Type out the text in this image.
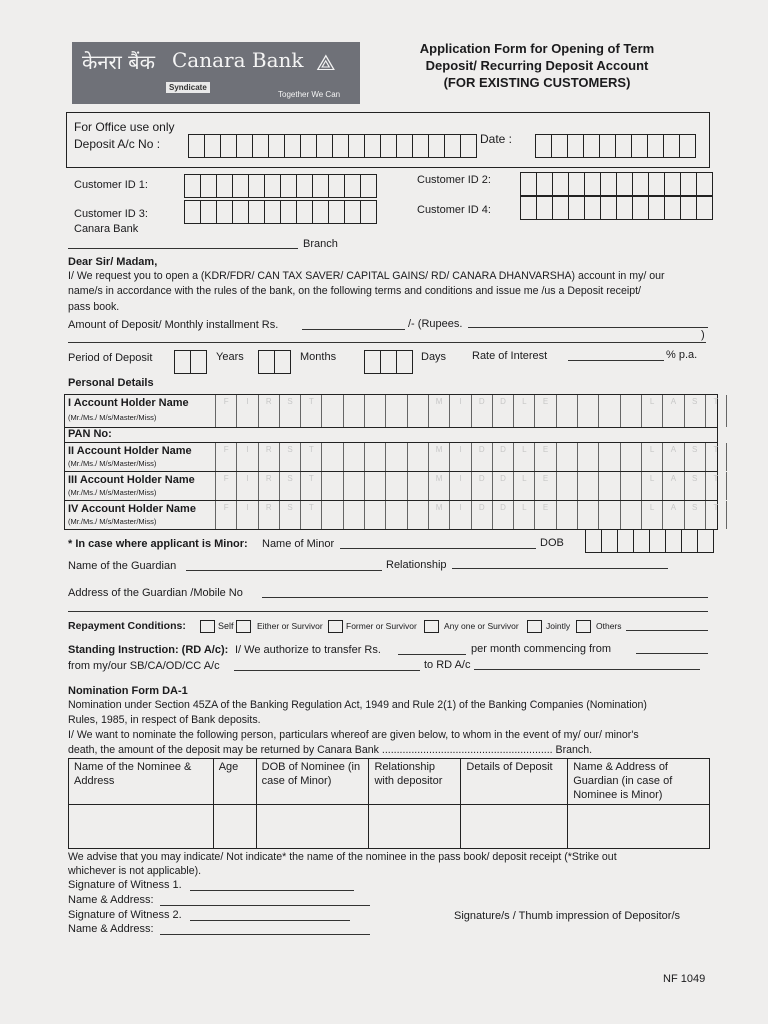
केनरा बैंक Canara Bank ⟁
Syndicate
Together We Can
Application Form for Opening of Term
Deposit/ Recurring Deposit Account
(FOR EXISTING CUSTOMERS)
For Office use only
Deposit A/c No :	Date :
Customer ID 1:	Customer ID 2:
Customer ID 3:	Customer ID 4:
Canara Bank
Branch
Dear Sir/ Madam,
I/ We request you to open a (KDR/FDR/ CAN TAX SAVER/ CAPITAL GAINS/ RD/ CANARA DHANVARSHA) account in my/ our
name/s in accordance with the rules of the bank, on the following terms and conditions and issue me /us a Deposit receipt/
pass book.
Amount of Deposit/ Monthly installment Rs.	/- (Rupees.
)
Period of Deposit	Years	Months	Days Rate of Interest	% p.a.
Personal Details
I Account Holder Name
(Mr./Ms./ M/s/Master/Miss)
F	I	R	S	T	M	I	D	D	L	E	L	A	S	T
PAN No:
II Account Holder Name
(Mr./Ms./ M/s/Master/Miss)
F	I	R	S	T	M	I	D	D	L	E	L	A	S	T
III Account Holder Name
(Mr./Ms./ M/s/Master/Miss)
F	I	R	S	T	M	I	D	D	L	E	L	A	S	T
IV Account Holder Name
(Mr./Ms./ M/s/Master/Miss)
F	I	R	S	T	M	I	D	D	L	E	L	A	S	T
* In case where applicant is Minor: Name of Minor	DOB
Name of the Guardian	Relationship
Address of the Guardian /Mobile No
Repayment Conditions:	Self	Either or Survivor	Former or Survivor	Any one or Survivor	Jointly	Others
Standing Instruction: (RD A/c): I/ We authorize to transfer Rs.	per month commencing from
from my/our SB/CA/OD/CC A/c	to RD A/c
Nomination Form DA-1
Nomination under Section 45ZA of the Banking Regulation Act, 1949 and Rule 2(1) of the Banking Companies (Nomination)
Rules, 1985, in respect of Bank deposits.
I/ We want to nominate the following person, particulars whereof are given below, to whom in the event of my/ our/ minor's
death, the amount of the deposit may be returned by Canara Bank .......................................................... Branch.
Name of the Nominee & Address	Age	DOB of Nominee (in case of Minor)	Relationship with depositor	Details of Deposit	Name & Address of Guardian (in case of Nominee is Minor)

We advise that you may indicate/ Not indicate* the name of the nominee in the pass book/ deposit receipt (*Strike out
whichever is not applicable).
Signature of Witness 1.
Name & Address:
Signature of Witness 2.
Name & Address:
Signature/s / Thumb impression of Depositor/s
NF 1049
